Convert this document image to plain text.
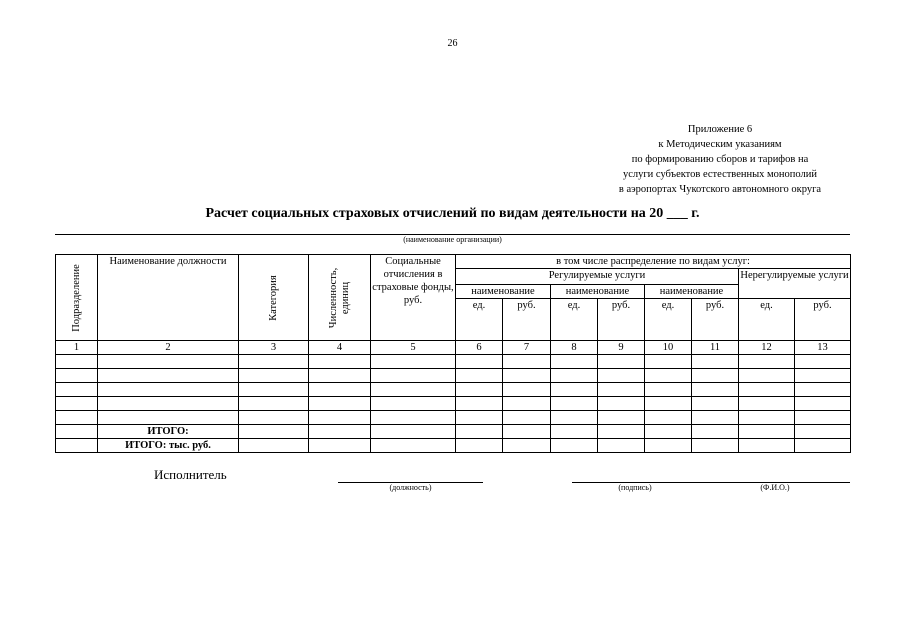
26
Приложение 6
к Методическим указаниям
по формированию сборов и тарифов на
услуги субъектов естественных монополий
в аэропортах Чукотского автономного округа
Расчет социальных страховых отчислений по видам деятельности на 20 ___ г.
(наименование организации)
Подразделение	Наименование должности	Категория	Численность, единиц	Социальные отчисления в страховые фонды, руб.	в том числе распределение по видам услуг:							
					Регулируемые услуги						Нерегулируемые услуги	
					наименование		наименование		наименование			
					ед.	руб.	ед.	руб.	ед.	руб.	ед.	руб.
1	2	3	4	5	6	7	8	9	10	11	12	13

	ИТОГО:											
	ИТОГО: тыс. руб.											
Исполнитель
(должность)	(подпись)	(Ф.И.О.)
